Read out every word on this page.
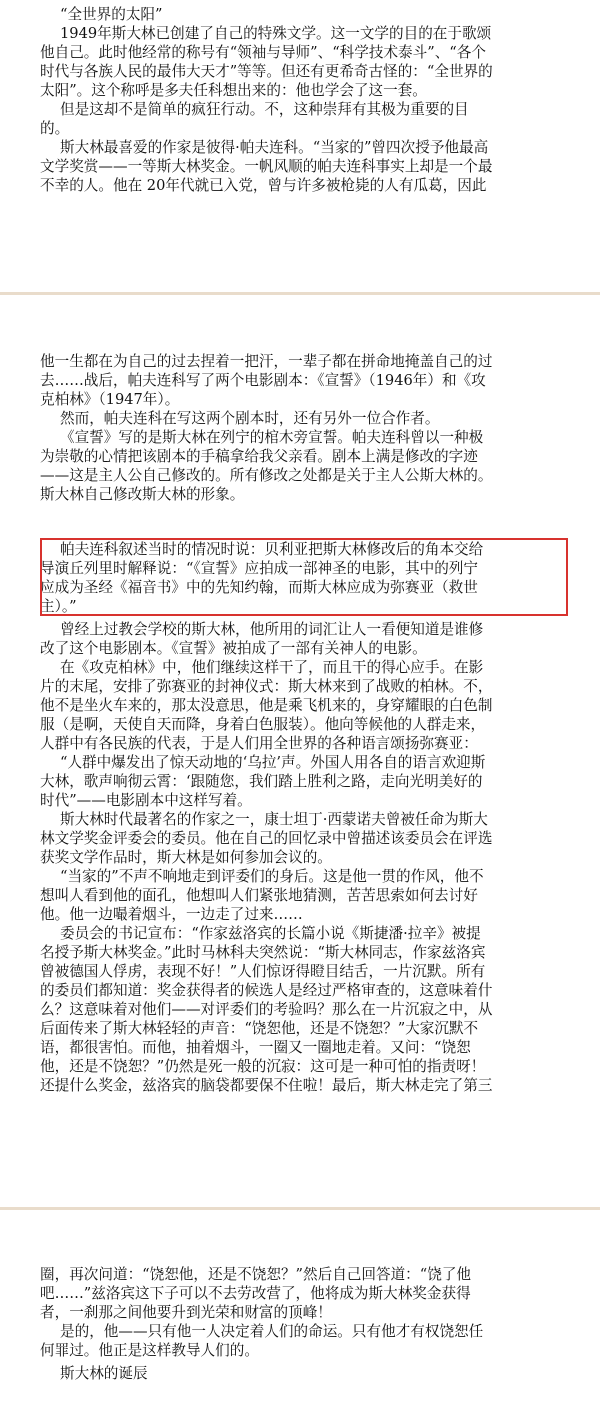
“全世界的太阳”
1949年斯大林已创建了自己的特殊文学。这一文学的目的在于歌颂
他自己。此时他经常的称号有“领袖与导师”、“科学技术泰斗”、“各个
时代与各族人民的最伟大天才”等等。但还有更希奇古怪的：“全世界的
太阳”。这个称呼是多夫任科想出来的：他也学会了这一套。
但是这却不是简单的疯狂行动。不，这种崇拜有其极为重要的目
的。
斯大林最喜爱的作家是彼得·帕夫连科。“当家的”曾四次授予他最高
文学奖赏——一等斯大林奖金。一帆风顺的帕夫连科事实上却是一个最
不幸的人。他在 20年代就已入党，曾与许多被枪毙的人有瓜葛，因此
他一生都在为自己的过去捏着一把汗，一辈子都在拼命地掩盖自己的过
去……战后，帕夫连科写了两个电影剧本：《宣誓》（1946年）和《攻
克柏林》（1947年）。
然而，帕夫连科在写这两个剧本时，还有另外一位合作者。
《宣誓》写的是斯大林在列宁的棺木旁宣誓。帕夫连科曾以一种极
为崇敬的心情把该剧本的手稿拿给我父亲看。剧本上满是修改的字迹
——这是主人公自己修改的。所有修改之处都是关于主人公斯大林的。
斯大林自己修改斯大林的形象。
帕夫连科叙述当时的情况时说：贝利亚把斯大林修改后的角本交给
导演丘列里时解释说：“《宣誓》应拍成一部神圣的电影，其中的列宁
应成为圣经《福音书》中的先知约翰，而斯大林应成为弥赛亚（救世
主）。”
曾经上过教会学校的斯大林，他所用的词汇让人一看便知道是谁修
改了这个电影剧本。《宣誓》被拍成了一部有关神人的电影。
在《攻克柏林》中，他们继续这样干了，而且干的得心应手。在影
片的末尾，安排了弥赛亚的封神仪式：斯大林来到了战败的柏林。不，
他不是坐火车来的，那太没意思，他是乘飞机来的，身穿耀眼的白色制
服（是啊，天使自天而降，身着白色服装）。他向等候他的人群走来，
人群中有各民族的代表，于是人们用全世界的各种语言颂扬弥赛亚：
“人群中爆发出了惊天动地的‘乌拉’声。外国人用各自的语言欢迎斯
大林，歌声响彻云霄：‘跟随您，我们踏上胜利之路，走向光明美好的
时代”——电影剧本中这样写着。
斯大林时代最著名的作家之一，康士坦丁·西蒙诺夫曾被任命为斯大
林文学奖金评委会的委员。他在自己的回忆录中曾描述该委员会在评选
获奖文学作品时，斯大林是如何参加会议的。
“当家的”不声不响地走到评委们的身后。这是他一贯的作风，他不
想叫人看到他的面孔，他想叫人们紧张地猜测，苦苦思索如何去讨好
他。他一边嘬着烟斗，一边走了过来……
委员会的书记宣布：“作家兹洛宾的长篇小说《斯捷潘·拉辛》被提
名授予斯大林奖金。”此时马林科夫突然说：“斯大林同志，作家兹洛宾
曾被德国人俘虏，表现不好！”人们惊讶得瞪目结舌，一片沉默。所有
的委员们都知道：奖金获得者的候选人是经过严格审查的，这意味着什
么？这意味着对他们——对评委们的考验吗？那么在一片沉寂之中，从
后面传来了斯大林轻轻的声音：“饶恕他，还是不饶恕？”大家沉默不
语，都很害怕。而他，抽着烟斗，一圈又一圈地走着。又问：“饶恕
他，还是不饶恕？”仍然是死一般的沉寂：这可是一种可怕的指责呀！
还提什么奖金，兹洛宾的脑袋都要保不住啦！最后，斯大林走完了第三
圈，再次问道：“饶恕他，还是不饶恕？”然后自己回答道：“饶了他
吧……”兹洛宾这下子可以不去劳改营了，他将成为斯大林奖金获得
者，一刹那之间他要升到光荣和财富的顶峰！
是的，他——只有他一人决定着人们的命运。只有他才有权饶恕任
何罪过。他正是这样教导人们的。
斯大林的诞辰
